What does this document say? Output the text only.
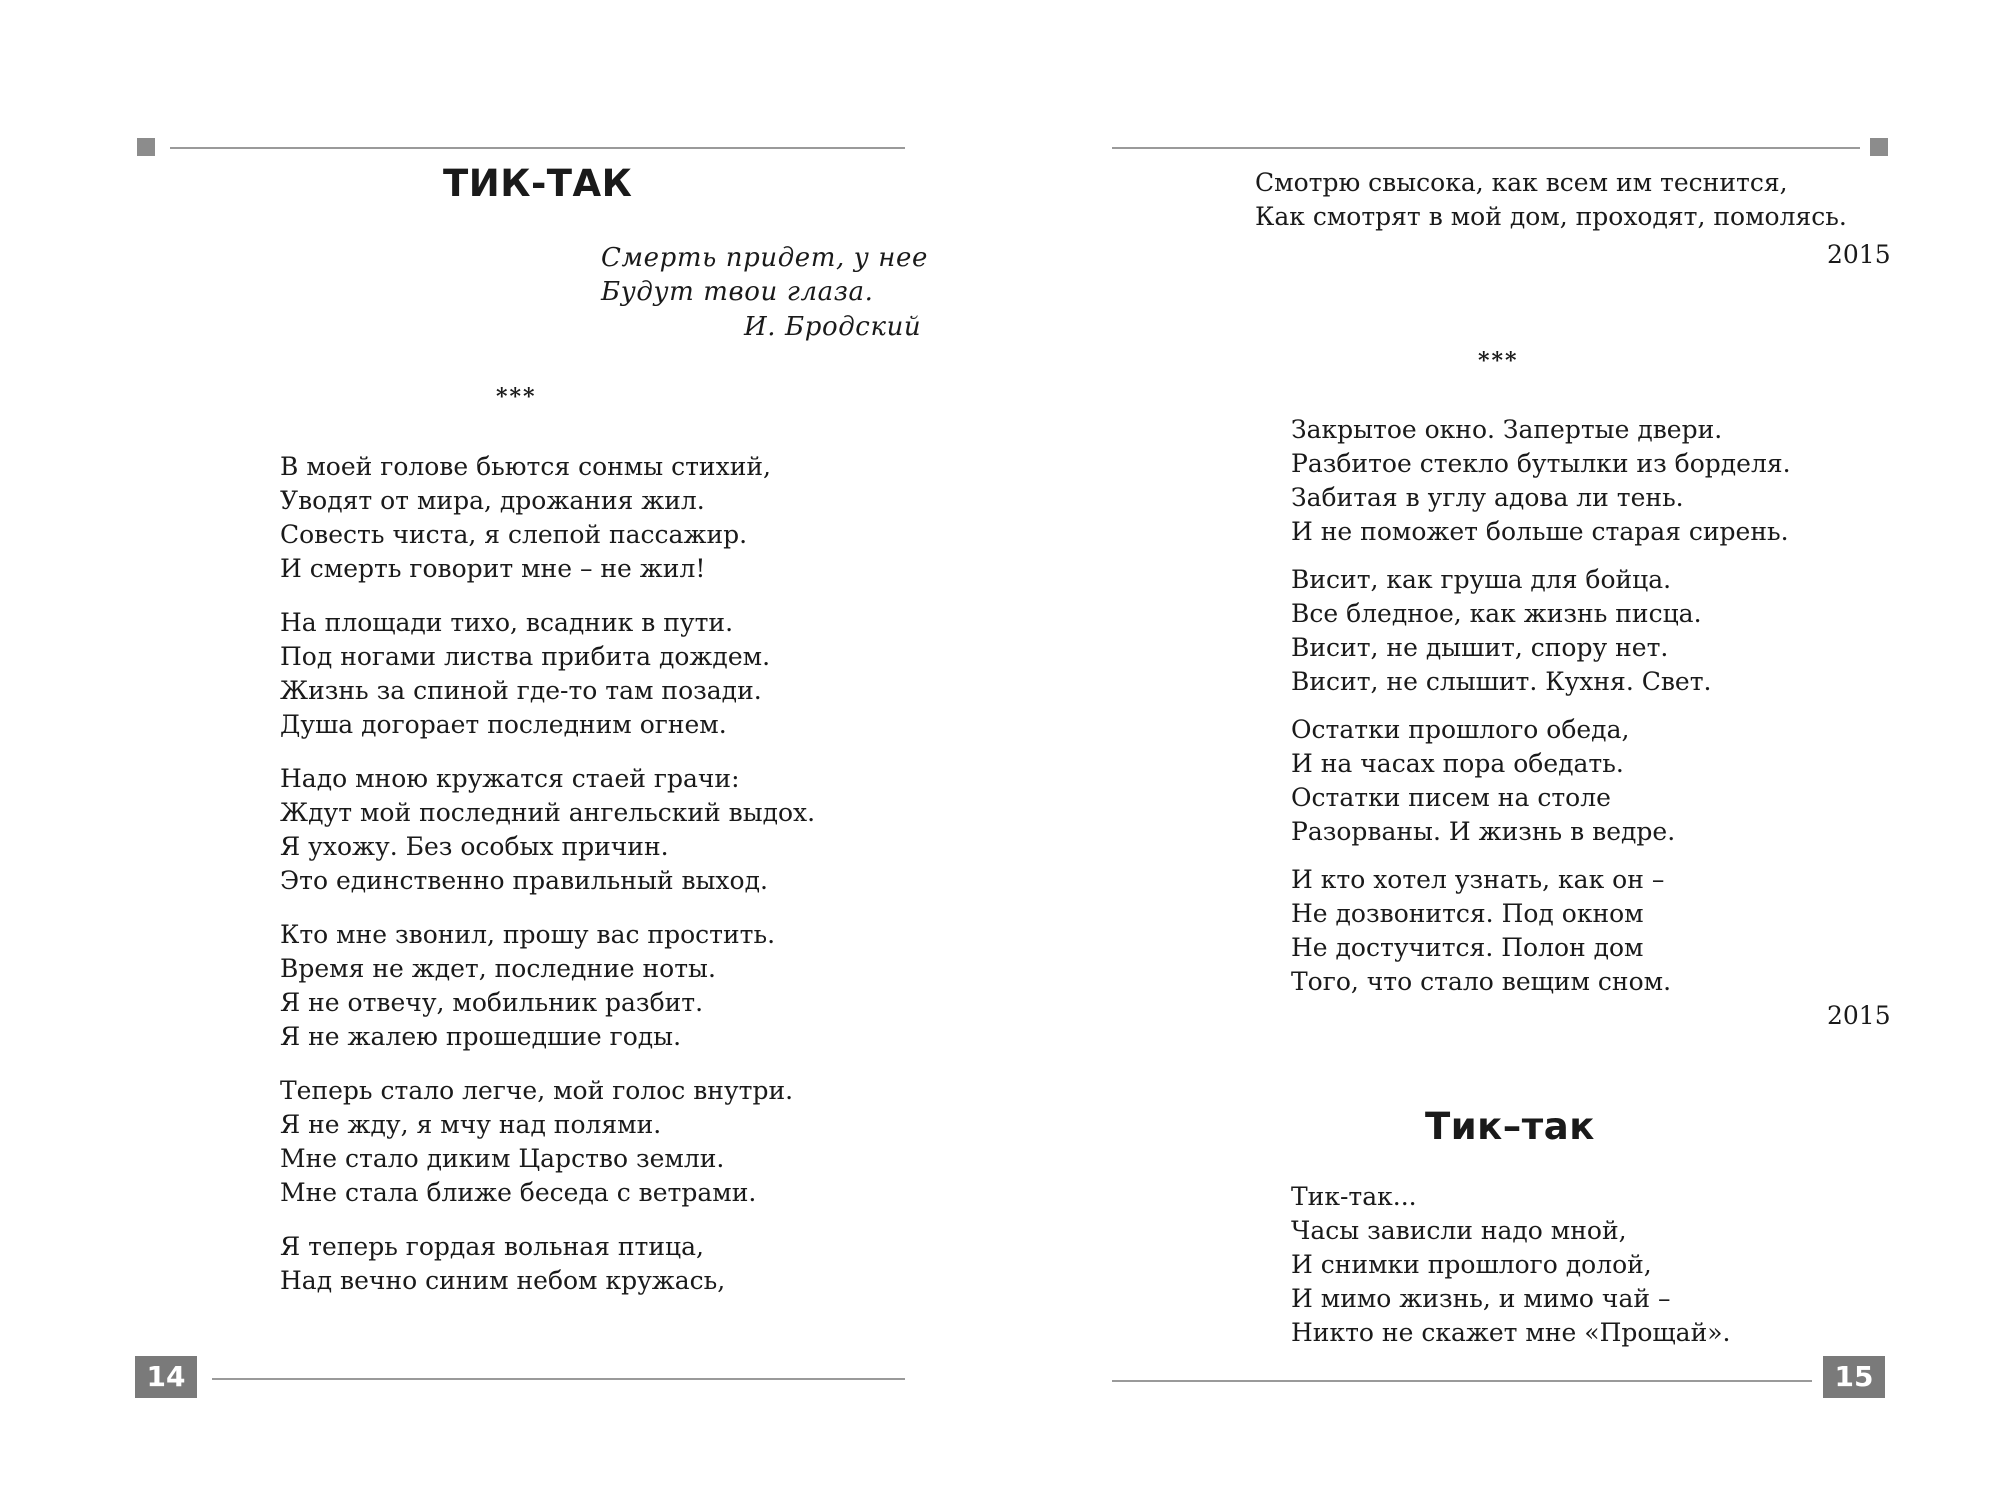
ТИК-ТАК
Смерть придет, у нее
Будут твои глаза.
И. Бродский
***
В моей голове бьются сонмы стихий,
Уводят от мира, дрожания жил.
Совесть чиста, я слепой пассажир.
И смерть говорит мне – не жил!
На площади тихо, всадник в пути.
Под ногами листва прибита дождем.
Жизнь за спиной где-то там позади.
Душа догорает последним огнем.
Надо мною кружатся стаей грачи:
Ждут мой последний ангельский выдох.
Я ухожу. Без особых причин.
Это единственно правильный выход.
Кто мне звонил, прошу вас простить.
Время не ждет, последние ноты.
Я не отвечу, мобильник разбит.
Я не жалею прошедшие годы.
Теперь стало легче, мой голос внутри.
Я не жду, я мчу над полями.
Мне стало диким Царство земли.
Мне стала ближе беседа с ветрами.
Я теперь гордая вольная птица,
Над вечно синим небом кружась,
14
Смотрю свысока, как всем им теснится,
Как смотрят в мой дом, проходят, помолясь.
2015
***
Закрытое окно. Запертые двери.
Разбитое стекло бутылки из борделя.
Забитая в углу адова ли тень.
И не поможет больше старая сирень.
Висит, как груша для бойца.
Все бледное, как жизнь писца.
Висит, не дышит, спору нет.
Висит, не слышит. Кухня. Свет.
Остатки прошлого обеда,
И на часах пора обедать.
Остатки писем на столе
Разорваны. И жизнь в ведре.
И кто хотел узнать, как он –
Не дозвонится. Под окном
Не достучится. Полон дом
Того, что стало вещим сном.
2015
Тик–так
Тик-так...
Часы зависли надо мной,
И снимки прошлого долой,
И мимо жизнь, и мимо чай –
Никто не скажет мне «Прощай».
15
